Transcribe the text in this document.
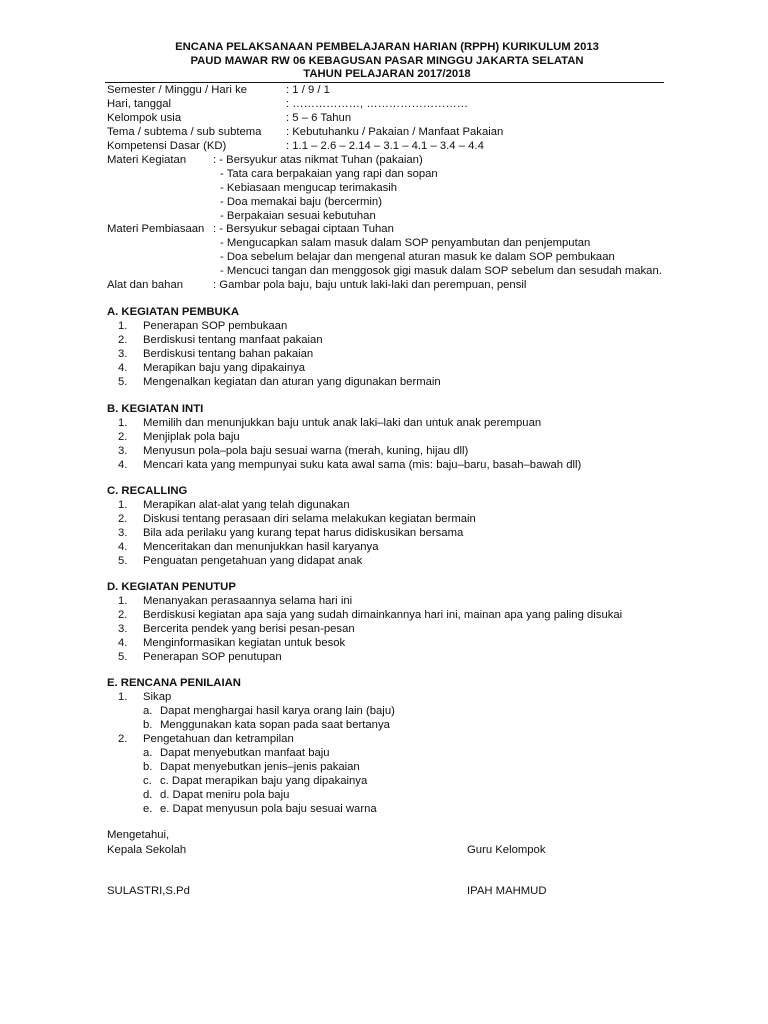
ENCANA PELAKSANAAN PEMBELAJARAN HARIAN (RPPH) KURIKULUM 2013
PAUD MAWAR RW 06 KEBAGUSAN PASAR MINGGU JAKARTA SELATAN
TAHUN PELAJARAN 2017/2018
Semester / Minggu / Hari ke	: 1 / 9 / 1
Hari, tanggal	: ………………, ………………………
Kelompok usia	: 5 – 6 Tahun
Tema / subtema / sub subtema : Kebutuhanku / Pakaian / Manfaat Pakaian
Kompetensi Dasar (KD)	: 1.1 – 2.6 – 2.14 – 3.1 – 4.1 – 3.4 – 4.4
Materi Kegiatan : - Bersyukur atas nikmat Tuhan (pakaian)
- Tata cara berpakaian yang rapi dan sopan
- Kebiasaan mengucap terimakasih
- Doa memakai baju (bercermin)
- Berpakaian sesuai kebutuhan
Materi Pembiasaan : - Bersyukur sebagai ciptaan Tuhan
- Mengucapkan salam masuk dalam SOP penyambutan dan penjemputan
- Doa sebelum belajar dan mengenal aturan masuk ke dalam SOP pembukaan
- Mencuci tangan dan menggosok gigi masuk dalam SOP sebelum dan sesudah makan.
Alat dan bahan	: Gambar pola baju, baju untuk laki-laki dan perempuan, pensil
A. KEGIATAN PEMBUKA
1. Penerapan SOP pembukaan
2. Berdiskusi tentang manfaat pakaian
3. Berdiskusi tentang bahan pakaian
4. Merapikan baju yang dipakainya
5. Mengenalkan kegiatan dan aturan yang digunakan bermain
B. KEGIATAN INTI
1. Memilih dan menunjukkan baju untuk anak laki–laki dan untuk anak perempuan
2. Menjiplak pola baju
3. Menyusun pola–pola baju sesuai warna (merah, kuning, hijau dll)
4. Mencari kata yang mempunyai suku kata awal sama (mis: baju–baru, basah–bawah dll)
C. RECALLING
1. Merapikan alat-alat yang telah digunakan
2. Diskusi tentang perasaan diri selama melakukan kegiatan bermain
3. Bila ada perilaku yang kurang tepat harus didiskusikan bersama
4. Menceritakan dan menunjukkan hasil karyanya
5. Penguatan pengetahuan yang didapat anak
D. KEGIATAN PENUTUP
1. Menanyakan perasaannya selama hari ini
2. Berdiskusi kegiatan apa saja yang sudah dimainkannya hari ini, mainan apa yang paling disukai
3. Bercerita pendek yang berisi pesan-pesan
4. Menginformasikan kegiatan untuk besok
5. Penerapan SOP penutupan
E. RENCANA PENILAIAN
1. Sikap
a. Dapat menghargai hasil karya orang lain (baju)
b. Menggunakan kata sopan pada saat bertanya
2. Pengetahuan dan ketrampilan
a. Dapat menyebutkan manfaat baju
b. Dapat menyebutkan jenis–jenis pakaian
c. c. Dapat merapikan baju yang dipakainya
d. d. Dapat meniru pola baju
e. e. Dapat menyusun pola baju sesuai warna
Mengetahui,
Kepala Sekolah	Guru Kelompok
SULASTRI,S.Pd	IPAH MAHMUD
